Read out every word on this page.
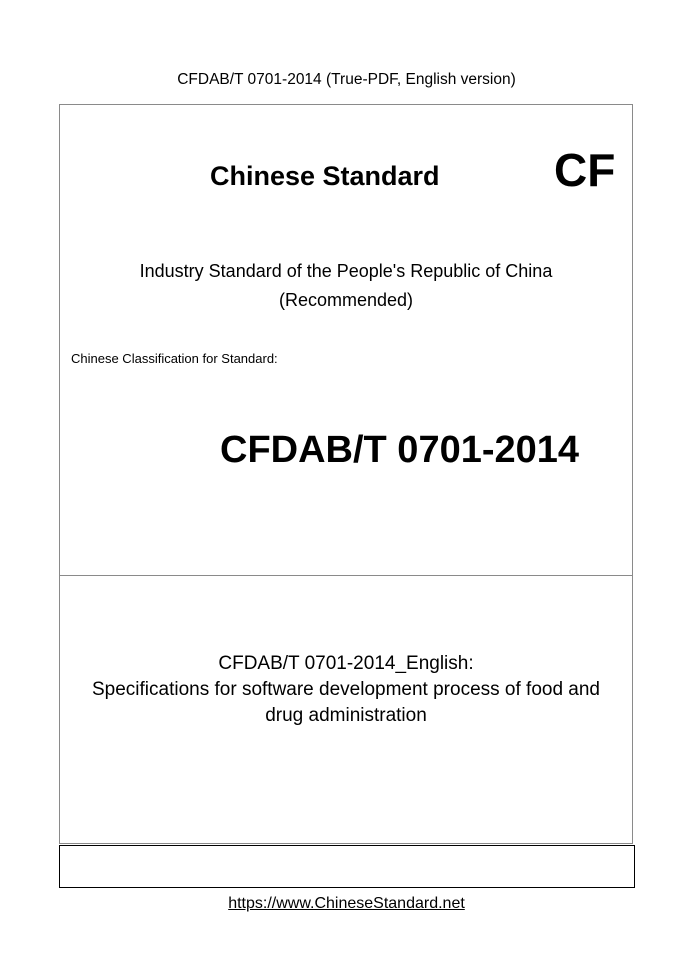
CFDAB/T 0701-2014 (True-PDF, English version)
Chinese Standard CF
Industry Standard of the People's Republic of China
(Recommended)
Chinese Classification for Standard:
CFDAB/T 0701-2014
CFDAB/T 0701-2014_English:
Specifications for software development process of food and
drug administration
https://www.ChineseStandard.net
